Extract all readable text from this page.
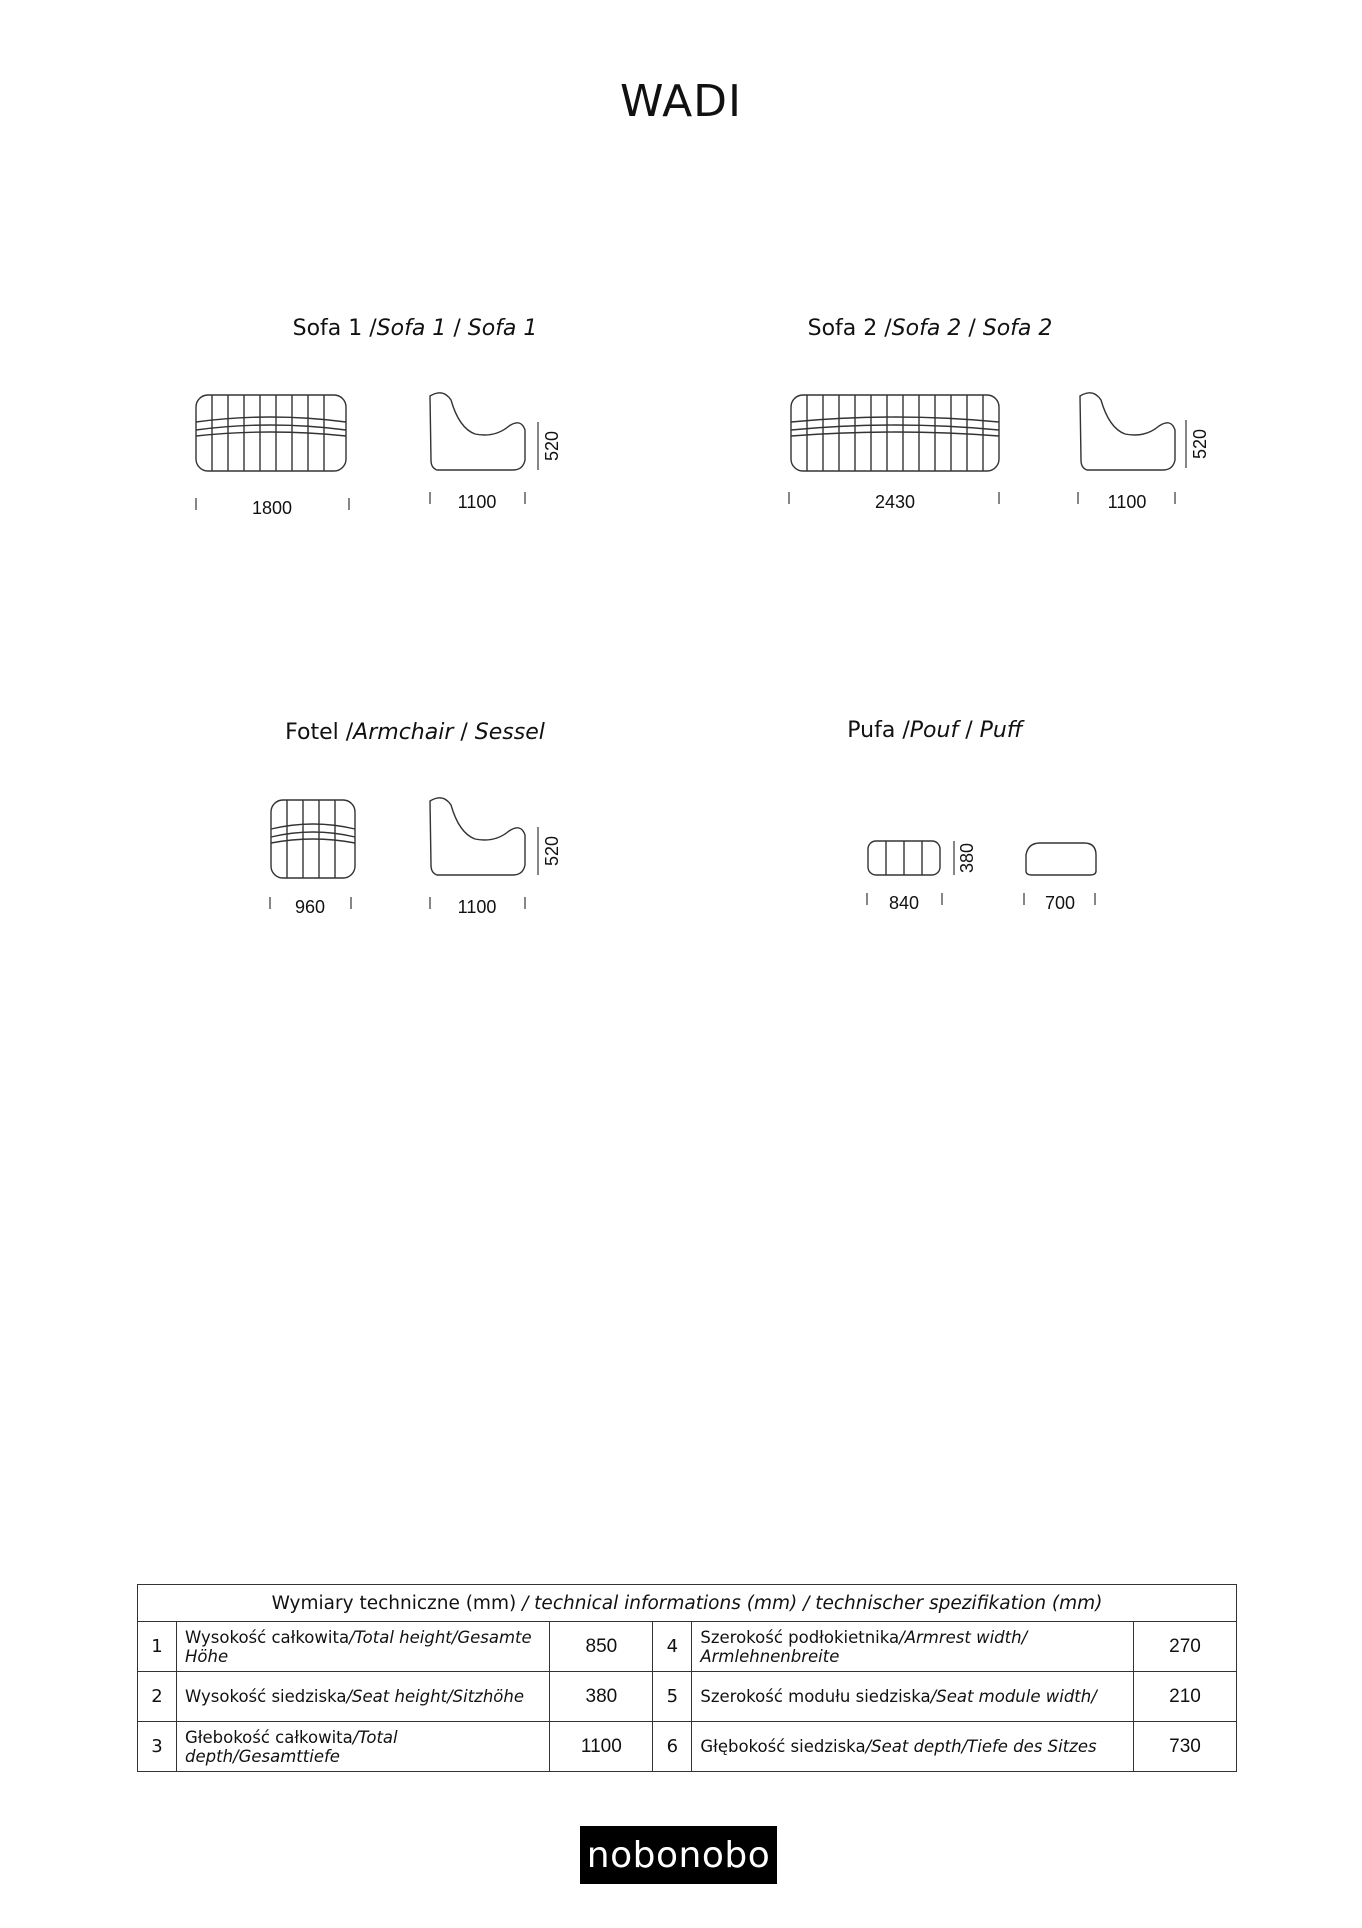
WADI
Sofa 1 /Sofa 1 / Sofa 1	Sofa 2 /Sofa 2 / Sofa 2
Fotel /Armchair / Sessel	Pufa /Pouf / Puff
1800	1100
520
2430	1100
520
960	1100
520
840
380
700
Wymiary techniczne (mm) / technical informations (mm) / technischer spezifikation (mm)					
1	Wysokość całkowita/Total height/Gesamte Höhe	850	4	Szerokość podłokietnika/Armrest width/ Armlehnenbreite	270
2	Wysokość siedziska/Seat height/Sitzhöhe	380	5	Szerokość modułu siedziska/Seat module width/	210
3	Głebokość całkowita/Total depth/Gesamttiefe	1100	6	Głębokość siedziska/Seat depth/Tiefe des Sitzes	730
nobonobo
